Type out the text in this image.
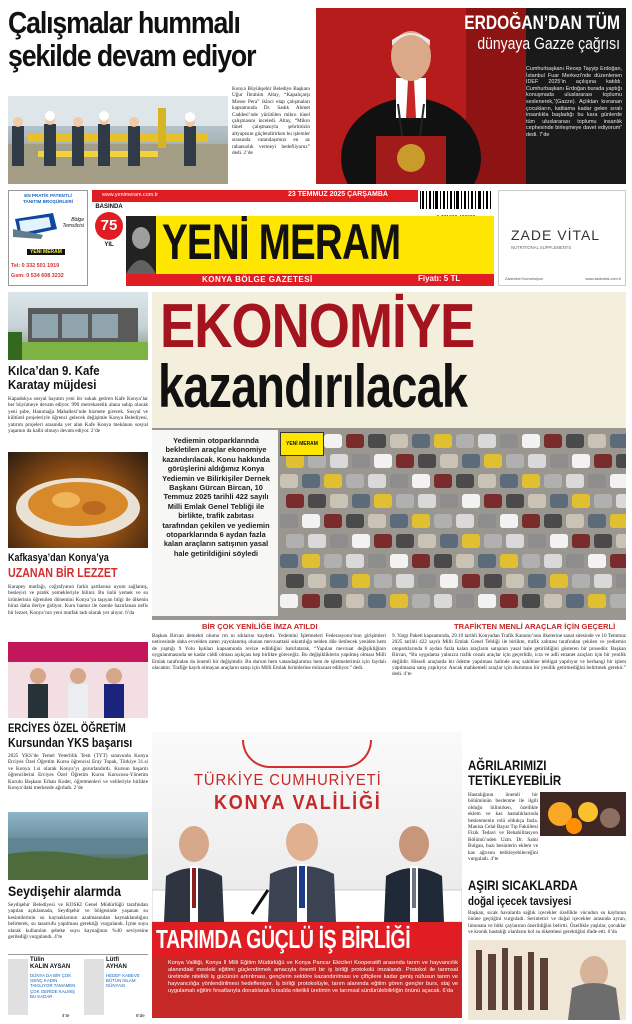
Çalışmalar hummalı
şekilde devam ediyor
Konya Büyükşehir Belediye Başkanı Uğur İbrahim Altay, “Kapalıçarşı Mosse Pera” ikinci etap çalışmaları kapsamında Dr. Sadık Ahmet Caddesi’nde yürütülen mikro tünel çalışmasını inceledi. Altay, “Mikro tünel çalışmasıyla şehrimizin altyapısını güçlendirirken bu işlemler sırasında vatandaşımızı en az rahatsızlık vermeyi hedefliyoruz” dedi. 2’de
ERDOĞAN’DAN TÜM
dünyaya Gazze çağrısı
Cumhurbaşkanı Recep Tayyip Erdoğan, İstanbul Fuar Merkezi’nde düzenlenen IDEF 2025’in açılışına katıldı. Cumhurbaşkanı Erdoğan burada yaptığı konuşmada uluslararası toplumu seslenerek,“(Gazze). Açlıktan kıvranan çocukların, katliama kadar gelen sıralı insanlıkla başladığı bu kara günlerde tüm uluslararası toplumu insanlık cephesinde birleşmeye davet ediyorum” dedi. 7’de
EN PRATİK PATENTLİ
TANITIM BROŞÜRLERİ
Bölge
Temsilcisi
YENİ MERAM
Tel: 0 332 501 1919
Gsm: 0 534 608 3232
www.yenimeram.com.tr	23 TEMMUZ 2025 ÇARŞAMBA
BASINDA
75
YIL YENİ MERAM
KONYA BÖLGE GAZETESİ	Fiyatı: 5 TL
ZADE VİTAL
NUTRITIONAL SUPPLEMENTS
Zadevital Konveksiyon	www.zadevital.com.tr
EKONOMİYE
kazandırılacak
Yediemin otoparklarında bekletilen araçlar ekonomiye kazandırılacak. Konu hakkında görüşlerini aldığımız Konya Yediemin ve Bilirkişiler Dernek Başkanı Gürcan Bircan, 10 Temmuz 2025 tarihli 422 sayılı Milli Emlak Genel Tebliği ile birlikte, trafik zabıtası tarafından çekilen ve yediemin otoparklarında 6 aydan fazla kalan araçların satışının yasal hale getirildiğini söyledi
YENİ MERAM
BİR ÇOK YENİLİĞE İMZA ATILDI	TRAFİKTEN MENLİ ARAÇLAR İÇİN GEÇERLİ
Başkan Bircan demekti olumu rm nı sdılarını kaydettı. Yedemini İşletmeleri Federasyonu’nun girişimleri neticesinde daha evvelden zaten yayınlanmış olunan mevzuattaki sıkıntılığa nelden dile iletilecek yeniden hem de yaptığı 9 Yolu Işıkları kapsamında revize edildiğini hatırlatarak, “Yapılan mevzuat değişikliğinin uygulanmasında ne kadar ciddi olması açıkçası hep birlikte göreceğiz. Bu değişikliklerin yapılmış olması Milli Emlak tarafından da önemli bir değişimdir. Bu durum hem vatandaşlarımız hem de işletmelerimiz için faydalı olacaktır. Trafiğe kaydı olmayan araçların satışı için Milli Emlak birimlerine müracaat ediliyor.” dedi.
9. Yargı Paketi kapsamında, 29.10 tarihli Konyadan Trafik Kanunu’nun ilkelerine sanat sitesinde ve 10 Temmuz 2025 tarihli 422 sayılı Milli Emlak Genel Tebliği ile birlikte, trafik zabıtası tarafından çekilen ve yediemin otoparklarında 6 aydan fazla kalan araçların satışının yasal hale getirildiğini gösteren bir prosedür. Başkan Bircan, “Bu uygulama yalnızca trafik cezalı araçlar için geçerlidir, icra ve adli emanet araçları için bir yenilik değildir. Hisseli araçlarda bir ödeme yapılması halinde araç sahibine tebligat yapılıyor ve herhangi bir işlem yapılmazsa satış yapılıyor. Ancak mahkemeli araçlar için durumun bir yenilik getirmediğini belirtmek gerekir.” dedi. 4’te
Kılca’dan 9. Kafe
Karatay müjdesi
Kapadokya sosyal hayatın yeni bir sokak getiren Kafe Konya’lar her büyümeye devam ediyor. 990 metrekarelik alana sahip olacak yeni şube, Hanımağa Mahallesi’nde hizmete girecek. Sosyal ve kültürel projeleriyle öğrenci gelecek değişimle Konya Belediyesi, yatırım projeleri arasında yer alan Kafe Konya mekânını sosyal yaşamın da kalbi olmayı devam ediyor. 2’de
Kafkasya’dan Konya’ya
UZANAN BİR LEZZET
Karapey mutfağı, coğrafyanın farklı şartlarına uyum sağlamış, besleyici ve pratik yemekleriyle bilinir. Bu ünlü yemek ve su ürünlerinin öğrenilen dönemini Konya’ya taşıyan bilgi ile ülkenin biraz daha ileriye gidiyor. Kuru hamur ile özenle hazırlanan nefis bir lezzet, Konya’nın yeni mutfak tadı olarak yer alıyor. 6’da
ERCİYES ÖZEL ÖĞRETİM
Kursundan YKS başarısı
2025 YKS’de Temel Yeterlilik Testi (TYT) sınavında Konya Erciyes Özel Öğretim Kursu öğrencisi Eray Topak, Türkiye 31.si ve Konya 1.si olarak Konya’yı gururlandırdı. Kursun başarılı öğrencilerini Erciyes Özel Öğretim Kursu Kurucusu-Yönetim Kurulu Başkanı Erhan Koder, öğretmenleri ve velileriyle birlikte Konya’daki merkezde ağırladı. 2’de
Seydişehir alarmda
Seydişehir Belediyesi ve KOSKİ Genel Müdürlüğü tarafından yapılan açıklamada, Seydişehir ve bölgesinde yaşanan su kesintilerinin su kaynaklarının azalmasından kaynaklandığını belirterek, su tasarrufu yapılması gerektiği vurgulandı. İçme suyu olarak kullanılan şebeke suyu kaynağının %40 seviyesine gerilediği vurgulandı. 4’te
Tülin
KALIN AYSAN
DÜNYA DA BİR ÇOK GENÇ KADIN TAKILIYOR TAMAMEN ÇOK GERİDE KALMIŞ BU KADAR
4’te
Lütfi
AYHAN
HEDEF KABEVE BÜTÜN İSLAM DÜNYASI
8’de
TÜRKİYE CUMHURİYETİ
KONYA VALİLİĞİ
TARIMDA GÜÇLÜ İŞ BİRLİĞİ
Konya Valiliği, Konya İl Milli Eğitim Müdürlüğü ve Konya Pancar Ekicileri Kooperatifi arasında tarım ve hayvancılık alanındaki mesleki eğitimi güçlendirmek amacıyla önemli bir iş birliği protokolü imzalandı. Protokol ile tarımsal üretimde nitelikli iş gücünün artırılması, gençlerin sektöre kazandırılması ve çiftçilere kadar geniş nüfusun tarım ve hayvancılığa yönlendirilmesi hedefleniyor. İş birliği protokolüyle, tarım alanında eğitim gören gençler burs, staj ve uygulamalı eğitim fırsatlarıyla donatılarak kırsalda nitelikli üretimin ve tarımsal sürdürülebilirliğin önünü açacak. 6’da
AĞRILARIMIZI
TETİKLEYEBİLİR
Hastalığının önemli bir bölümünün beslenme ile ilgili olduğu bilinirken, özellikle eklem ve kas hastalıklarında beslenmenin rolü oldukça fazla. Manisa Celal Bayar Tıp Fakültesi Fizik Tedavi ve Rehabilitasyon Bölümü’nden Uzm. Dr. Sami Bulgan, bazı besinlerin eklem ve kas ağrısını tetikleyebileceğini vurguladı. 4’te
AŞIRI SICAKLARDA
doğal içecek tavsiyesi
Başkan, sıcak havalarda sağlık içecekler özellikle vücudun su kaybının önüne geçtiğini vurguladı. Serinletici ve doğal içecekler arasında ayran, limonata ve bitki çaylarının önerildiğini belirtti. Özellikle yaşlılar, çocuklar ve kronik hastalığı olanların bol su tüketmesi gerektiğini ifade etti. 6’da
